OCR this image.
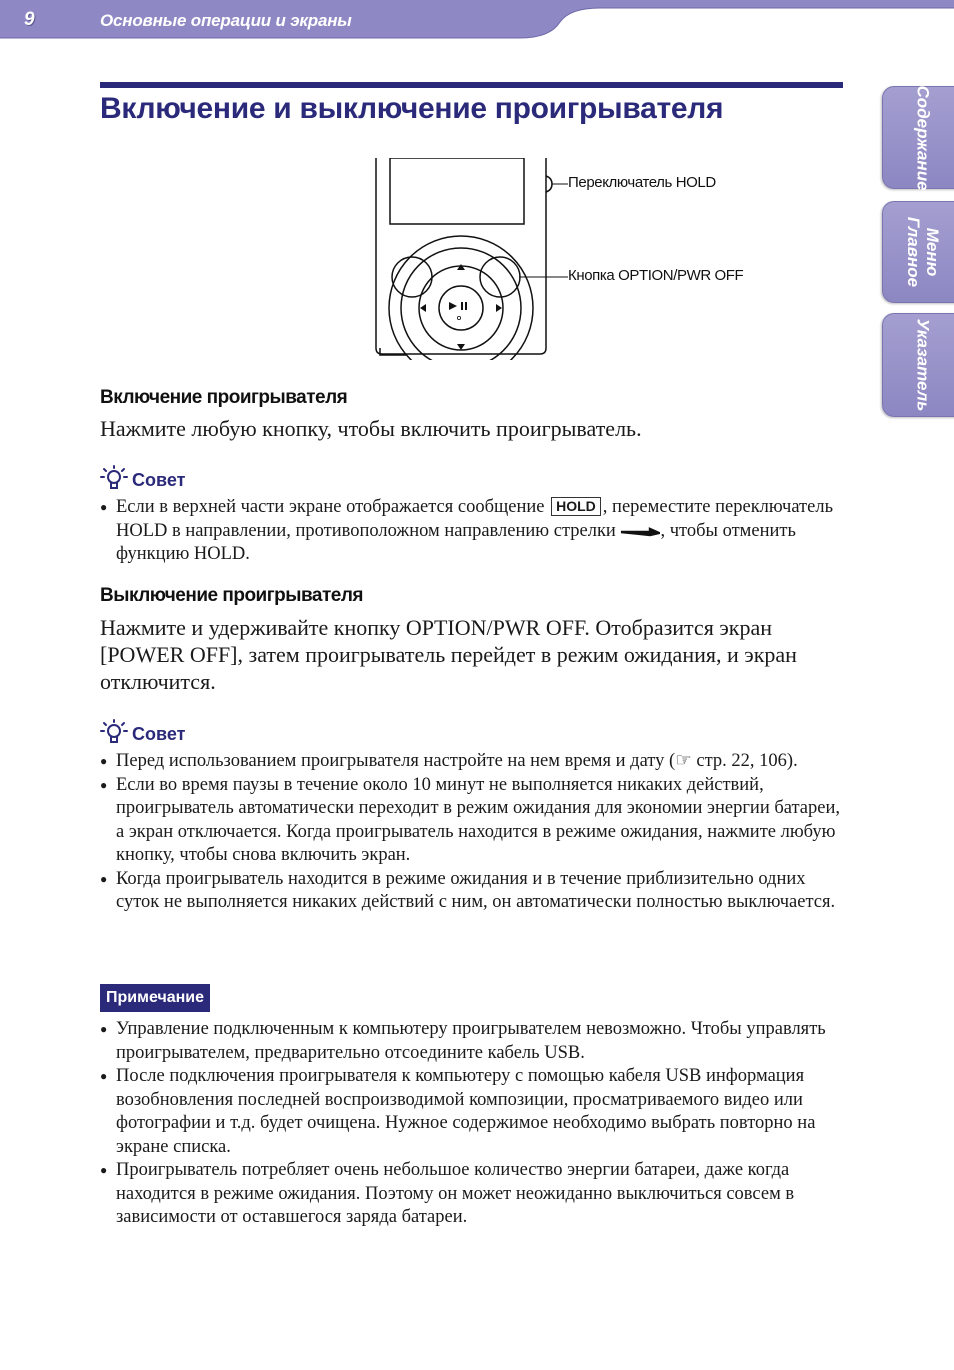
9	Основные операции и экраны
Содержание
Меню Главное
Указатель
Включение и выключение проигрывателя
Переключатель HOLD
Кнопка OPTION/PWR OFF
Включение проигрывателя

Нажмите любую кнопку, чтобы включить проигрыватель.

Совет
● Если в верхней части экране отображается сообщение HOLD , переместите переключатель HOLD в направлении, противоположном направлению стрелки , чтобы отменить функцию HOLD.
Выключение проигрывателя

Нажмите и удерживайте кнопку OPTION/PWR OFF. Отобразится экран [POWER OFF], затем проигрыватель перейдет в режим ожидания, и экран отключится.

Совет
● Перед использованием проигрывателя настройте на нем время и дату (☞ стр. 22, 106).
● Если во время паузы в течение около 10 минут не выполняется никаких действий, проигрыватель автоматически переходит в режим ожидания для экономии энергии батареи, а экран отключается. Когда проигрыватель находится в режиме ожидания, нажмите любую кнопку, чтобы снова включить экран.
● Когда проигрыватель находится в режиме ожидания и в течение приблизительно одних суток не выполняется никаких действий с ним, он автоматически полностью выключается.
Примечание
● Управление подключенным к компьютеру проигрывателем невозможно. Чтобы управлять проигрывателем, предварительно отсоедините кабель USB.
● После подключения проигрывателя к компьютеру с помощью кабеля USB информация возобновления последней воспроизводимой композиции, просматриваемого видео или фотографии и т.д. будет очищена. Нужное содержимое необходимо выбрать повторно на экране списка.
● Проигрыватель потребляет очень небольшое количество энергии батареи, даже когда находится в режиме ожидания. Поэтому он может неожиданно выключиться совсем в зависимости от оставшегося заряда батареи.
